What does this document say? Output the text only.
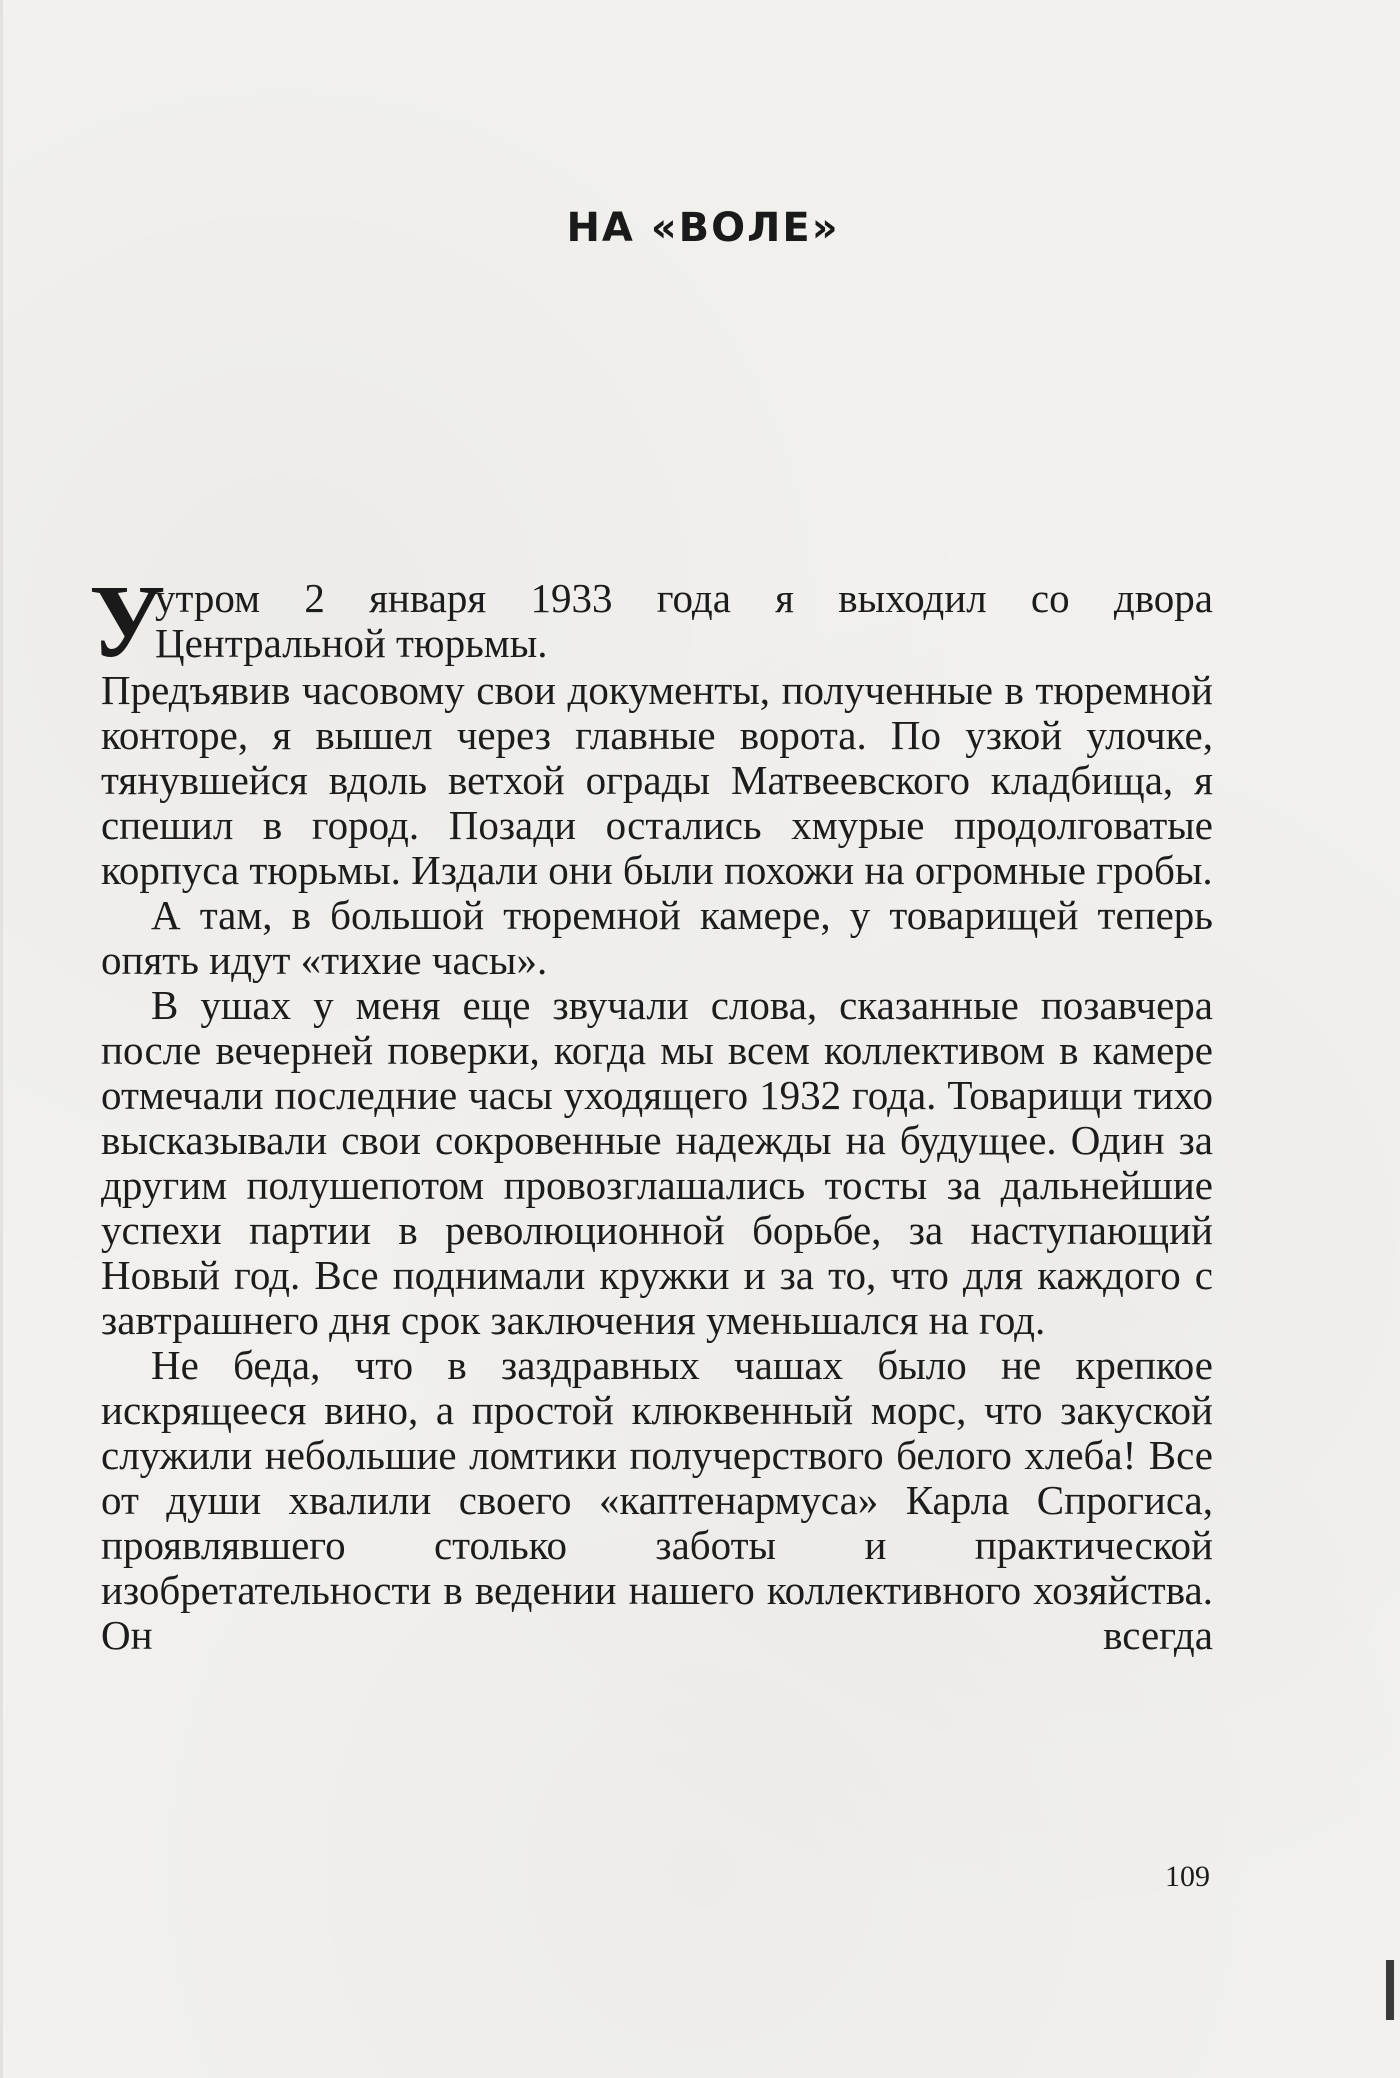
НА «ВОЛЕ»
У
утром 2 января 1933 года я выходил со двора
Центральной тюрьмы.

Предъявив часовому свои документы, полученные в тюремной конторе, я вышел через главные ворота. По узкой улочке, тянувшейся вдоль ветхой ограды Матвеевского кладбища, я спешил в город. Позади остались хмурые продолговатые корпуса тюрьмы. Издали они были похожи на огромные гробы.

А там, в большой тюремной камере, у товарищей теперь опять идут «тихие часы».

В ушах у меня еще звучали слова, сказанные позавчера после вечерней поверки, когда мы всем коллективом в камере отмечали последние часы уходящего 1932 года. Товарищи тихо высказывали свои сокровенные надежды на будущее. Один за другим полушепотом провозглашались тосты за дальнейшие успехи партии в революционной борьбе, за наступающий Новый год. Все поднимали кружки и за то, что для каждого с завтрашнего дня срок заключения уменьшался на год.

Не беда, что в заздравных чашах было не крепкое искрящееся вино, а простой клюквенный морс, что закуской служили небольшие ломтики получерствого белого хлеба! Все от души хвалили своего «каптенармуса» Карла Спрогиса, проявлявшего столько заботы и практической изобретательности в ведении нашего коллективного хозяйства. Он всегда

109
